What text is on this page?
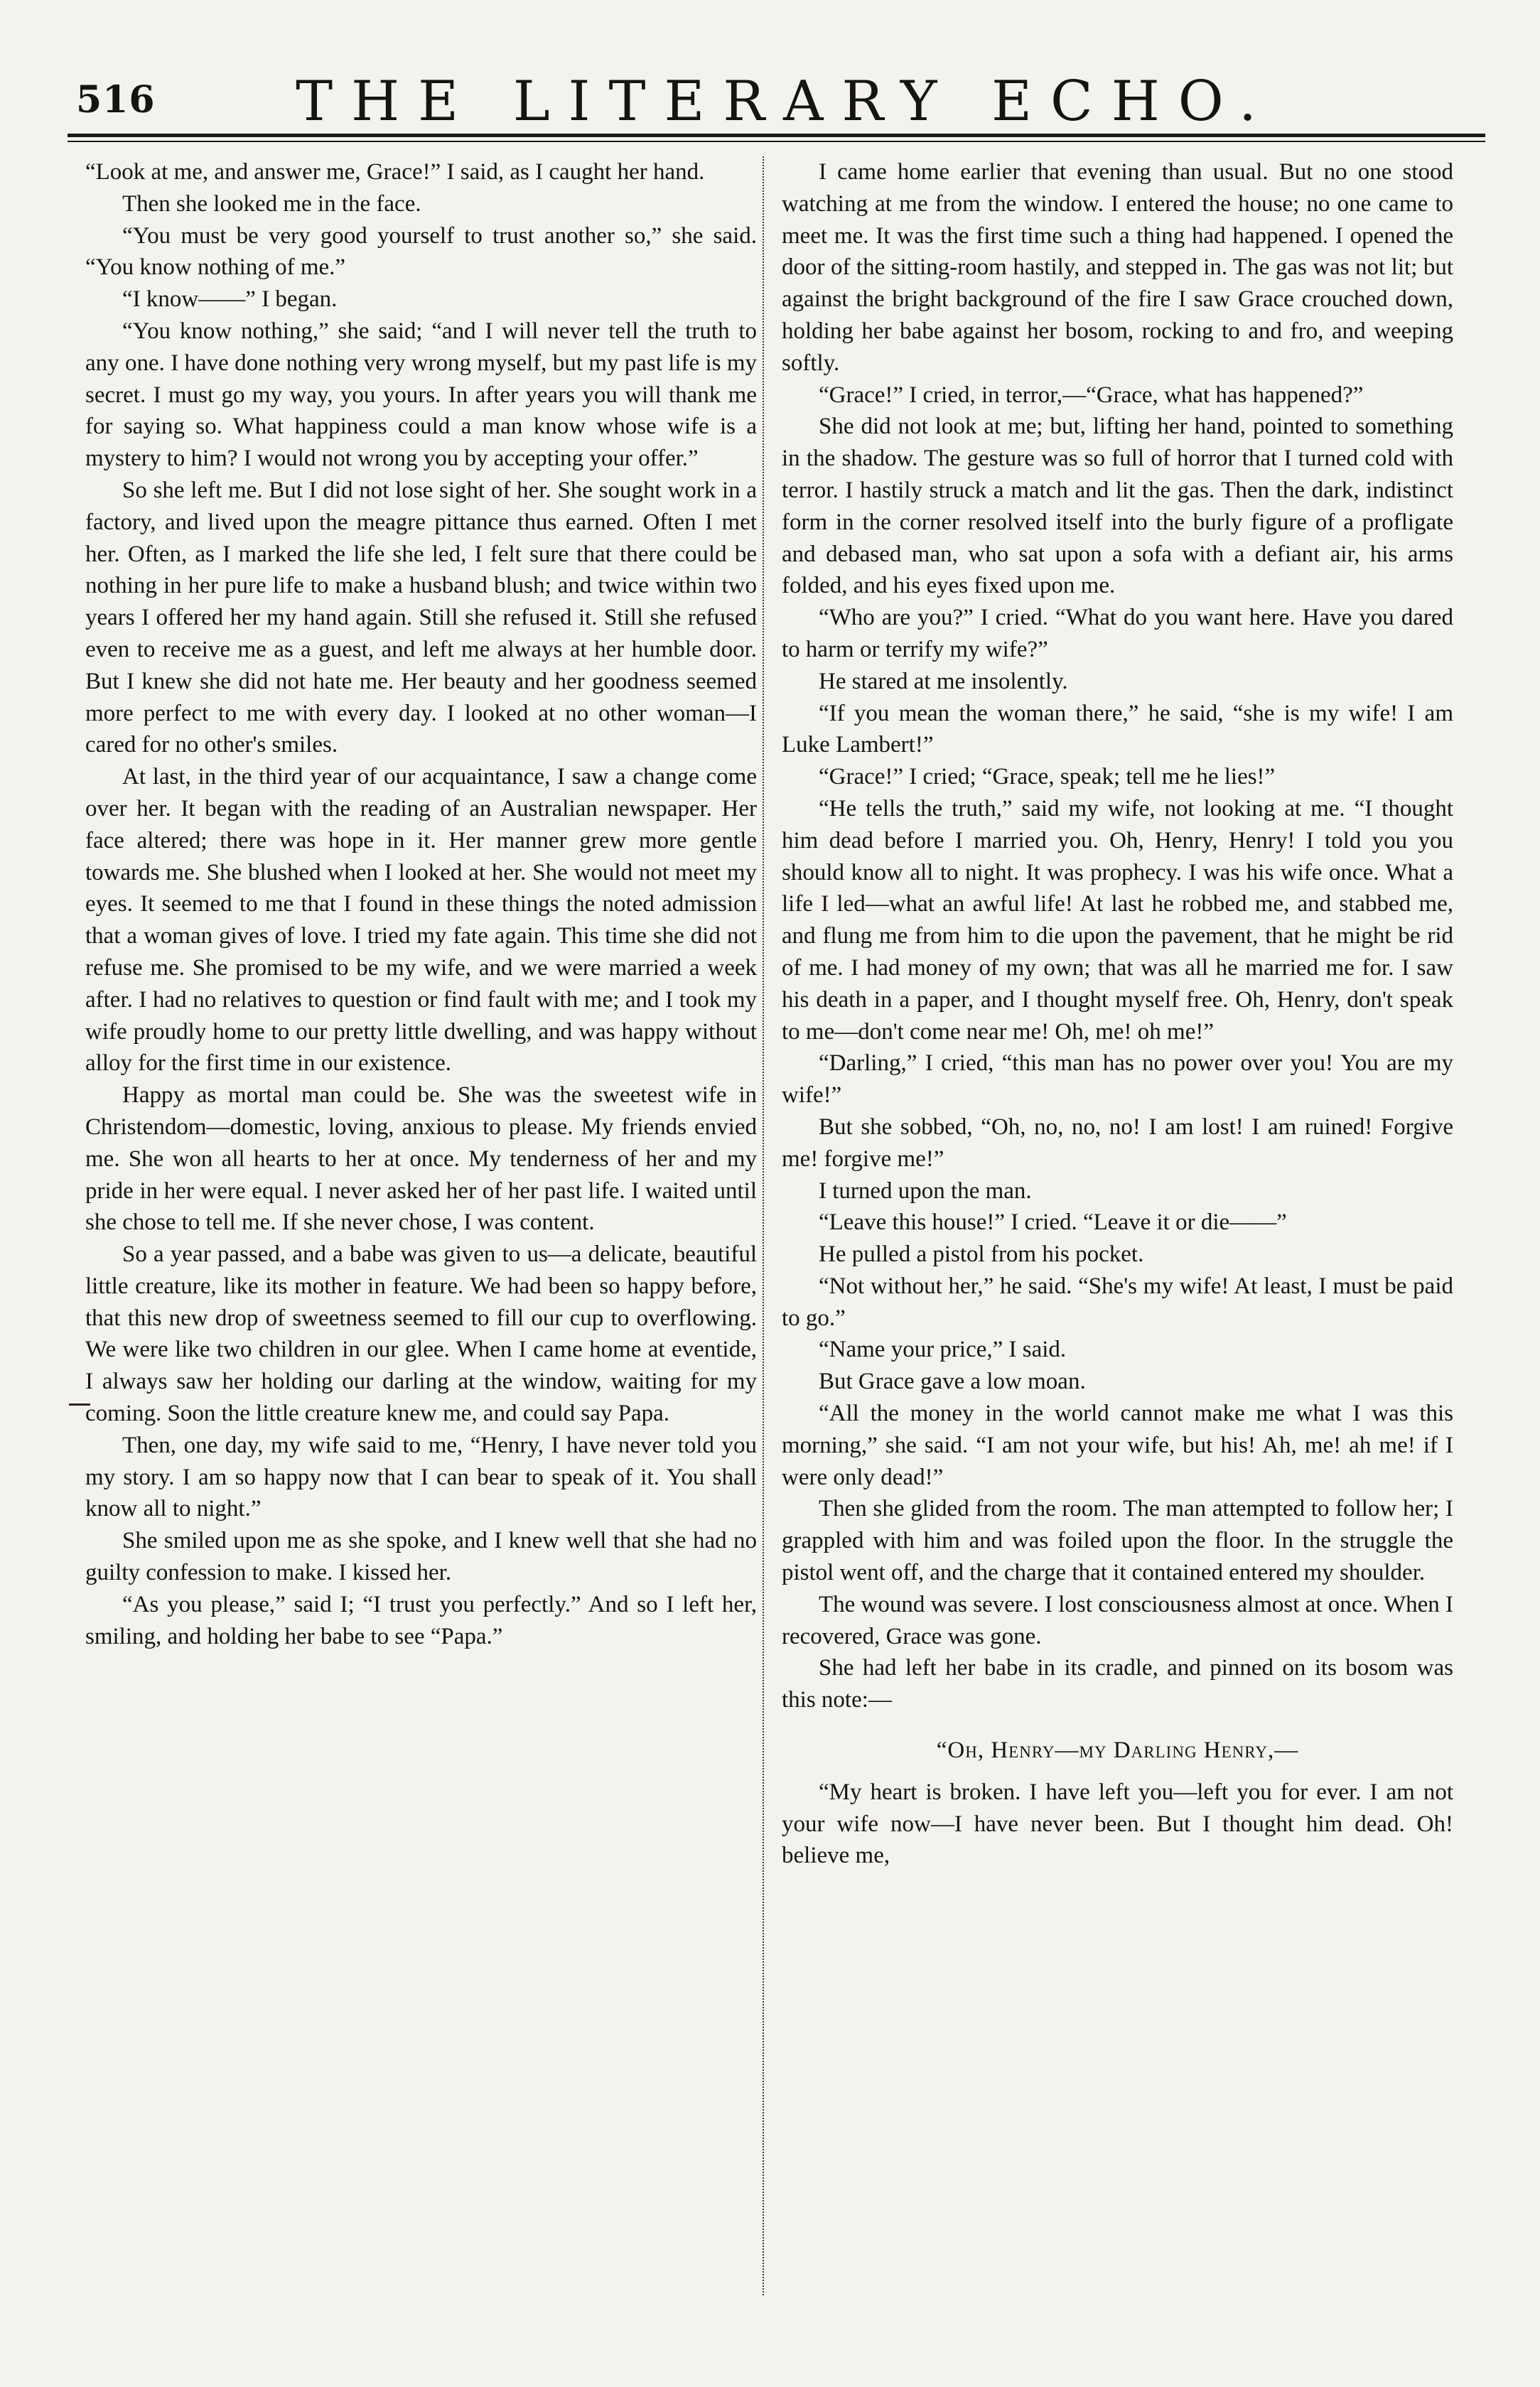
516	THE LITERARY ECHO.

“Look at me, and answer me, Grace!” I said, as I caught her hand.

Then she looked me in the face.

“You must be very good yourself to trust another so,” she said. “You know nothing of me.”

“I know——” I began.

“You know nothing,” she said; “and I will never tell the truth to any one. I have done nothing very wrong myself, but my past life is my secret. I must go my way, you yours. In after years you will thank me for saying so. What happiness could a man know whose wife is a mystery to him? I would not wrong you by accepting your offer.”

So she left me. But I did not lose sight of her. She sought work in a factory, and lived upon the meagre pittance thus earned. Often I met her. Often, as I marked the life she led, I felt sure that there could be nothing in her pure life to make a husband blush; and twice within two years I offered her my hand again. Still she refused it. Still she refused even to receive me as a guest, and left me always at her humble door. But I knew she did not hate me. Her beauty and her goodness seemed more perfect to me with every day. I looked at no other woman—I cared for no other's smiles.

At last, in the third year of our acquaintance, I saw a change come over her. It began with the reading of an Australian newspaper. Her face altered; there was hope in it. Her manner grew more gentle towards me. She blushed when I looked at her. She would not meet my eyes. It seemed to me that I found in these things the noted admission that a woman gives of love. I tried my fate again. This time she did not refuse me. She promised to be my wife, and we were married a week after. I had no relatives to question or find fault with me; and I took my wife proudly home to our pretty little dwelling, and was happy without alloy for the first time in our existence.

Happy as mortal man could be. She was the sweetest wife in Christendom—domestic, loving, anxious to please. My friends envied me. She won all hearts to her at once. My tenderness of her and my pride in her were equal. I never asked her of her past life. I waited until she chose to tell me. If she never chose, I was content.

So a year passed, and a babe was given to us—a delicate, beautiful little creature, like its mother in feature. We had been so happy before, that this new drop of sweetness seemed to fill our cup to overflowing. We were like two children in our glee. When I came home at eventide, I always saw her holding our darling at the window, waiting for my coming. Soon the little creature knew me, and could say Papa.

Then, one day, my wife said to me, “Henry, I have never told you my story. I am so happy now that I can bear to speak of it. You shall know all to night.”

She smiled upon me as she spoke, and I knew well that she had no guilty confession to make. I kissed her.

“As you please,” said I; “I trust you perfectly.” And so I left her, smiling, and holding her babe to see “Papa.”

I came home earlier that evening than usual. But no one stood watching at me from the window. I entered the house; no one came to meet me. It was the first time such a thing had happened. I opened the door of the sitting-room hastily, and stepped in. The gas was not lit; but against the bright background of the fire I saw Grace crouched down, holding her babe against her bosom, rocking to and fro, and weeping softly.

“Grace!” I cried, in terror,—“Grace, what has happened?”

She did not look at me; but, lifting her hand, pointed to something in the shadow. The gesture was so full of horror that I turned cold with terror. I hastily struck a match and lit the gas. Then the dark, indistinct form in the corner resolved itself into the burly figure of a profligate and debased man, who sat upon a sofa with a defiant air, his arms folded, and his eyes fixed upon me.

“Who are you?” I cried. “What do you want here. Have you dared to harm or terrify my wife?”

He stared at me insolently.

“If you mean the woman there,” he said, “she is my wife! I am Luke Lambert!”

“Grace!” I cried; “Grace, speak; tell me he lies!”

“He tells the truth,” said my wife, not looking at me. “I thought him dead before I married you. Oh, Henry, Henry! I told you you should know all to night. It was prophecy. I was his wife once. What a life I led—what an awful life! At last he robbed me, and stabbed me, and flung me from him to die upon the pavement, that he might be rid of me. I had money of my own; that was all he married me for. I saw his death in a paper, and I thought myself free. Oh, Henry, don't speak to me—don't come near me! Oh, me! oh me!”

“Darling,” I cried, “this man has no power over you! You are my wife!”

But she sobbed, “Oh, no, no, no! I am lost! I am ruined! Forgive me! forgive me!”

I turned upon the man.

“Leave this house!” I cried. “Leave it or die——”

He pulled a pistol from his pocket.

“Not without her,” he said. “She's my wife! At least, I must be paid to go.”

“Name your price,” I said.

But Grace gave a low moan.

“All the money in the world cannot make me what I was this morning,” she said. “I am not your wife, but his! Ah, me! ah me! if I were only dead!”

Then she glided from the room. The man attempted to follow her; I grappled with him and was foiled upon the floor. In the struggle the pistol went off, and the charge that it contained entered my shoulder.

The wound was severe. I lost consciousness almost at once. When I recovered, Grace was gone.

She had left her babe in its cradle, and pinned on its bosom was this note:—

“Oh, Henry—my Darling Henry,—

“My heart is broken. I have left you—left you for ever. I am not your wife now—I have never been. But I thought him dead. Oh! believe me,
